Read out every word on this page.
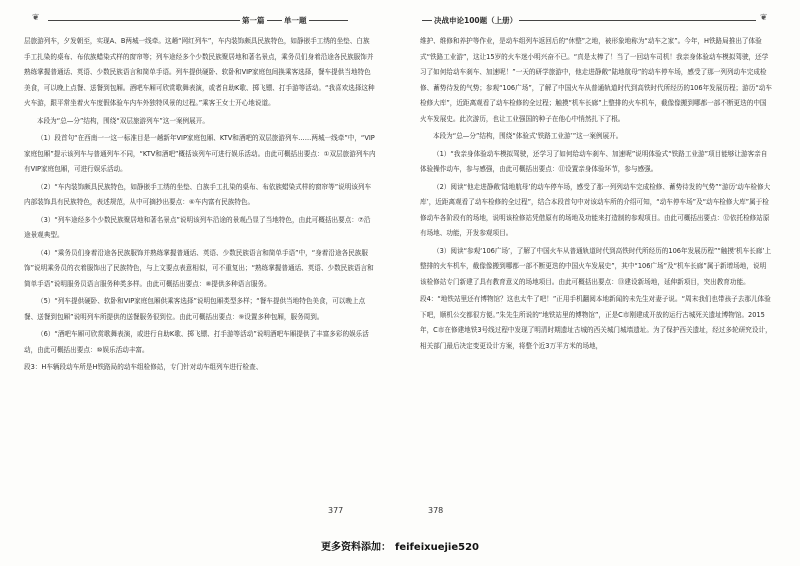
❦	第一篇	单一题

层旅游列车，夕发朝至，实现A、B两城一线牵。这趟“网红列车”，车内装饰颇具民族特色，如静嵌手工绣的坐垫、白族手工扎染的桌布、布依族蜡染式样的窗帘等；列车途经多个少数民族聚居地和著名景点，乘务员们身着沿途各民族服饰并熟练掌握普通话、英语、少数民族语言和简单手语。列车提供硬卧、软卧和VIP家庭包间换乘客选择，餐车提供当地特色美食，可以晚上点餐、送餐到包厢。酒吧车厢可欣赏歌舞表演，或者自助K歌、掷飞镖、打手游等活动。“我喜欢选择这种火车游，跟平常坐着火车度假体验车内车外独特风景的过程。”乘客王女士开心地说道。

本段为“总—分”结构，围绕“双层旅游列车”这一案例展开。

（1）段首句“在西南一一这一标准目是一趟新年VIP家庭包厢、KTV和酒吧的双层旅游列车……两城一线牵”中，“VIP家庭包厢”提示该列车与普通列车不同，“KTV和酒吧”概括该列车可进行娱乐活动。由此可概括出要点：①双层旅游列车内有VIP家庭包厢，可进行娱乐活动。

（2）“车内装饰颇具民族特色，如静嵌手工绣的坐垫、白族手工扎染的桌布、布依族蜡染式样的窗帘等”说明该列车内部装饰具有民族特色，表述规范，从中可摘抄出要点：⑥车内富有民族特色。

（3）“列车途经多个少数民族聚居地和著名景点”说明该列车沿途的景观凸显了当地特色，由此可概括出要点：⑦沿途景观典型。

（4）“乘务员们身着沿途各民族服饰并熟练掌握普通话、英语、少数民族语言和简单手语”中，“身着沿途各民族服饰”说明乘务员的衣着服饰出了民族特色，与上文要点表意相似，可不重复出；“熟练掌握普通话、英语、少数民族语言和简单手语”说明服务员语言服务种类多样。由此可概括出要点：⑧提供多种语言服务。

（5）“列车提供硬卧、软卧和VIP家庭包厢供乘客选择”说明包厢类型多样；“餐车提供当地特色美食，可以晚上点餐、送餐到包厢”说明列车所提供的送餐服务很到位。由此可概括出要点：⑨设置多种包厢，服务周到。

（6）“酒吧车厢可欣赏歌舞表演，或进行自助K歌、掷飞镖、打手游等活动”说明酒吧车厢提供了丰富多彩的娱乐活动，由此可概括出要点：⑩娱乐活动丰富。

段3：H车辆段动车所是H铁路局的动车组检修站，专门针对动车组列车进行检查、

377
决战申论100题（上册）	❦

维护、维修和养护等作业，是动车组列车返回后的“休整”之地，被形象地称为“动车之家”。今年，H铁路局推出了体验式“铁路工业游”，这让15岁的火车迷小明兴奋不已。“真是太棒了！当了一回动车司机！我亲身体验动车模拟驾驶，还学习了如何给动车刹车、加速呢！”一天的研学旅游中，他走进静敞“陆地航母”的动车停车场，感受了那一列列动车完成检修、蓄势待发的气势；参观“106广场”，了解了中国火车从普通轨道时代到高铁时代所经历的106年发展历程；游历“动车检修大库”，近距离观看了动车检修的全过程；触摸“机车长廊”上整排的火车机车，截像像搬到哪都一部不断更迭的中国火车发展史。此次游历，也让工业强国的种子在他心中悄然扎下了根。

本段为“总—分”结构，围绕“体验式‘铁路工业游’”这一案例展开。

（1）“我亲身体验动车模拟驾驶，还学习了如何给动车刹车、加速呢”说明体验式“铁路工业游”项目能够让游客亲自体验操作动车，参与感强，由此可概括出要点：⑪设置亲身体验环节，参与感强。

（2）阅读“他走进静敞‘陆地航母’的动车停车场，感受了那一列列动车完成检修、蓄势待发的气势”“游历‘动车检修大库’，近距离观看了动车检修的全过程”，结合本段首句中对该动车所的介绍可知，“动车停车场”及“动车检修大库”属于检修动车各阶段有的场地，说明该检修站凭借原有的场地及功能来打造制的参观项目。由此可概括出要点：⑫依托检修站原有场地、功能，开发参观项目。

（3）阅读“参观‘106广场’，了解了中国火车从普通轨道时代到高铁时代所经历的106年发展历程”“触摸‘机车长廊’上整排的火车机车，截像像搬到哪都一部不断更迭的中国火车发展史”，其中“106广场”及“机车长廊”属于新增场地，说明该检修站专门新建了具有教育意义的场地项目。由此可概括出要点：⑬建设新场地，延伸新项目，突出教育功能。

段4：“地铁站里还有博物馆？这也太牛了吧！”正用手机翻阅本地新闻的未先生对妻子说。“周末我们也带孩子去那儿体验下吧，顺机公交都很方便。”朱先生所说的“地铁站里的博物馆”，正是C市刚建成开放的运行古城死关遗址博物馆。2015年，C市在修建地铁3号线过程中发现了明清时期遗址古城的西关城门城墙遗址。为了保护西关遗址，经过多轮研究设计，相关部门最后决定变更设计方案，将整个近3万平方米的场地，

378
更多资料添加： feifeixuejie520
